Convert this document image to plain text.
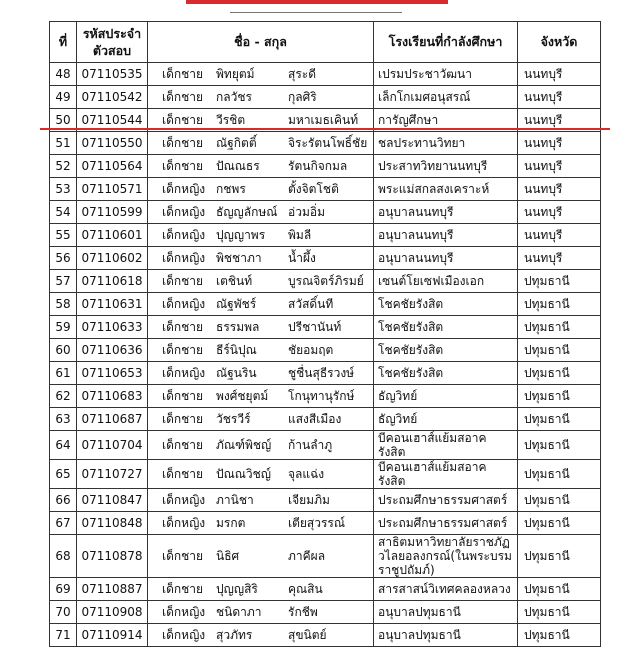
ที่	รหัสประจำตัวสอบ	ชื่อ - สกุล	โรงเรียนที่กำลังศึกษา	จังหวัด
48	07110535	เด็กชาย พิทยุตม์ สุระดี	เปรมประชาวัฒนา	นนทบุรี
49	07110542	เด็กชาย กลวัชร กุลศิริ	เล็กโกเมศอนุสรณ์	นนทบุรี
50	07110544	เด็กชาย วีรชิต มหาเมธเคินท์	การัญศึกษา	นนทบุรี
51	07110550	เด็กชาย ณัฐกิตติ์ จิระรัตนโพธิ์ชัย	ชลประทานวิทยา	นนทบุรี
52	07110564	เด็กชาย ปัณณธร รัตนกิจกมล	ประสาทวิทยานนทบุรี	นนทบุรี
53	07110571	เด็กหญิง กชพร ตั้งจิตโชติ	พระแม่สกลสงเคราะห์	นนทบุรี
54	07110599	เด็กหญิง ธัญญลักษณ์ อ่วมอิ่ม	อนุบาลนนทบุรี	นนทบุรี
55	07110601	เด็กหญิง ปุญญาพร พิมลี	อนุบาลนนทบุรี	นนทบุรี
56	07110602	เด็กหญิง พิชชาภา น้ำผึ้ง	อนุบาลนนทบุรี	นนทบุรี
57	07110618	เด็กชาย เตชินท์ บูรณจิตร์ภิรมย์	เซนต์โยเซฟเมืองเอก	ปทุมธานี
58	07110631	เด็กหญิง ณัฐพัชร์ สวัสดิ์นที	โชคชัยรังสิต	ปทุมธานี
59	07110633	เด็กชาย ธรรมพล ปรีชานันท์	โชคชัยรังสิต	ปทุมธานี
60	07110636	เด็กชาย ธีร์นิปุณ ชัยอมฤต	โชคชัยรังสิต	ปทุมธานี
61	07110653	เด็กหญิง ณัฐนริน ชูชื่นสุธีรวงษ์	โชคชัยรังสิต	ปทุมธานี
62	07110683	เด็กชาย พงศ์ชยุตม์ โกนุทานุรักษ์	ธัญวิทย์	ปทุมธานี
63	07110687	เด็กชาย วัชรวีร์ แสงสีเมือง	ธัญวิทย์	ปทุมธานี
64	07110704	เด็กชาย ภัณฑ์พิชญ์ ก้านลำภู	บีคอนเฮาส์แย้มสอาครังสิต	ปทุมธานี
65	07110727	เด็กชาย ปัณณวิชญ์ จุลแฉ่ง	บีคอนเฮาส์แย้มสอาครังสิต	ปทุมธานี
66	07110847	เด็กหญิง ภานิชา เจียมภิม	ประถมศึกษาธรรมศาสตร์	ปทุมธานี
67	07110848	เด็กหญิง มรกต เตียสุวรรณ์	ประถมศึกษาธรรมศาสตร์	ปทุมธานี
68	07110878	เด็กชาย นิธิศ ภาคีผล	สาธิตมหาวิทยาลัยราชภัฏวไลยอลงกรณ์(ในพระบรมราชูปถัมภ์)	ปทุมธานี
69	07110887	เด็กชาย ปุญญสิริ คุณสิน	สารสาสน์วิเทศคลองหลวง	ปทุมธานี
70	07110908	เด็กหญิง ชนิดาภา รักชีพ	อนุบาลปทุมธานี	ปทุมธานี
71	07110914	เด็กหญิง สุวภัทร สุขนิตย์	อนุบาลปทุมธานี	ปทุมธานี
